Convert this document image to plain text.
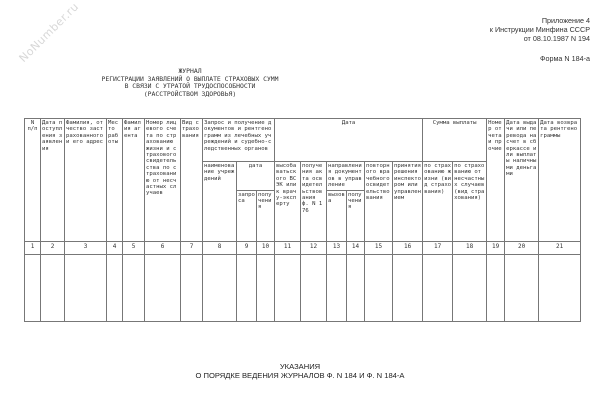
NoNumber.ru	Приложение 4
к Инструкции Минфина СССР
от 08.10.1987 N 194
Форма N 184-а
ЖУРНАЛ
РЕГИСТРАЦИИ ЗАЯВЛЕНИЙ О ВЫПЛАТЕ СТРАХОВЫХ СУММ
В СВЯЗИ С УТРАТОЙ ТРУДОСПОСОБНОСТИ
(РАССТРОЙСТВОМ ЗДОРОВЬЯ)
N п/п	Дата поступления заявления	Фамилия, отчество застрахованного и его адрес	Место работы	Фамилия агента	Номер лицевого счета по страхованию жизни и страхового свидетельства по страхованию от несчастных случаев	Вид страхования	Запрос и получение документов и рентгенограмм из лечебных учреждений и судебно-следственных органов			Дата						Сумма выплаты		Номер отчета и прочие	Дата выдачи или перевода на счет в сберкассе или выплаты наличными деньгами	Дата возврата рентгенограммы
							наименование учреждений	дата		высобаватьского ВСЭК или к врачу-эксперту	получения акта освидетельствования ф. N 176	направления документов в управление		повторного врачебного освидетельствования	принятия решения инспектором или управлением	по страхованию жизни (вид страхования)	по страхованию от несчастных случаев (вид страхования)			
								запроса	получения			вызова	получения							
1	2	3	4	5	6	7	8	9	10	11	12	13	14	15	16	17	18	19	20	21

УКАЗАНИЯ
О ПОРЯДКЕ ВЕДЕНИЯ ЖУРНАЛОВ Ф. N 184 И Ф. N 184-А
